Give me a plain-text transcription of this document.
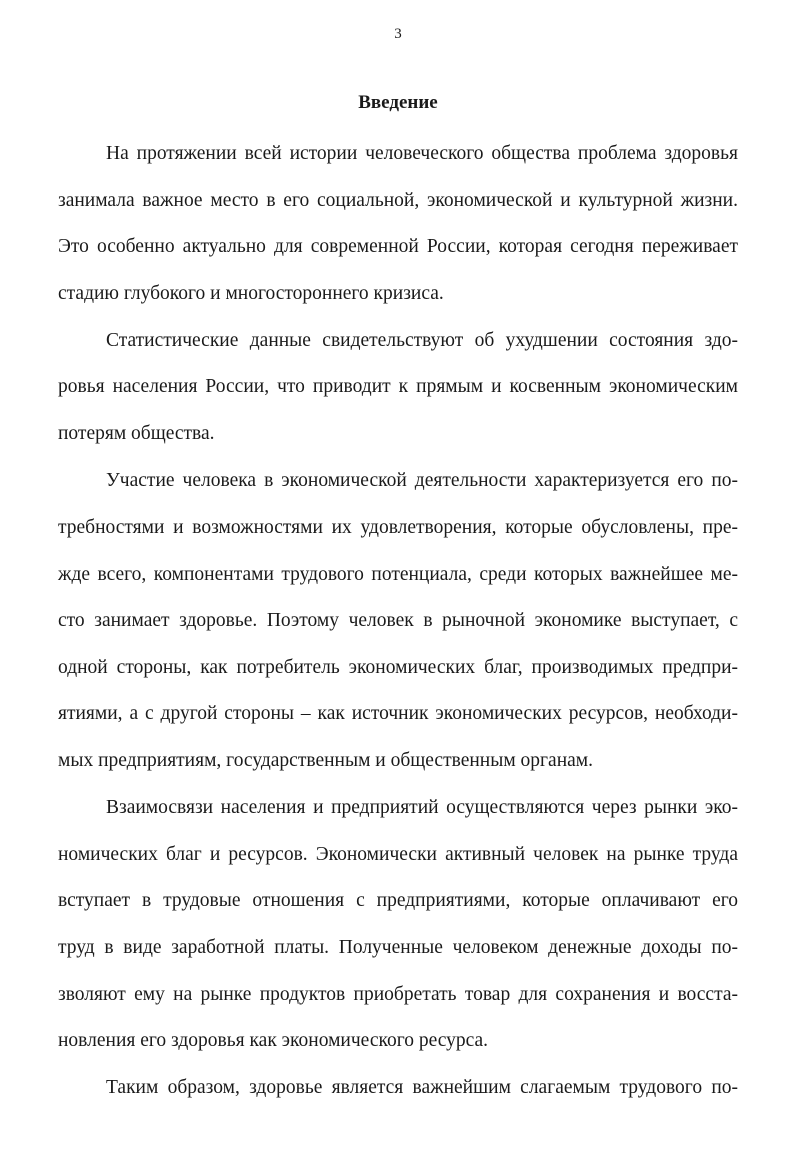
3
Введение
На протяжении всей истории человеческого общества проблема здоровья
занимала важное место в его социальной, экономической и культурной жизни.
Это особенно актуально для современной России, которая сегодня переживает
стадию глубокого и многостороннего кризиса.
Статистические данные свидетельствуют об ухудшении состояния здо-
ровья населения России, что приводит к прямым и косвенным экономическим
потерям общества.
Участие человека в экономической деятельности характеризуется его по-
требностями и возможностями их удовлетворения, которые обусловлены, пре-
жде всего, компонентами трудового потенциала, среди которых важнейшее ме-
сто занимает здоровье. Поэтому человек в рыночной экономике выступает, с
одной стороны, как потребитель экономических благ, производимых предпри-
ятиями, а с другой стороны – как источник экономических ресурсов, необходи-
мых предприятиям, государственным и общественным органам.
Взаимосвязи населения и предприятий осуществляются через рынки эко-
номических благ и ресурсов. Экономически активный человек на рынке труда
вступает в трудовые отношения с предприятиями, которые оплачивают его
труд в виде заработной платы. Полученные человеком денежные доходы по-
зволяют ему на рынке продуктов приобретать товар для сохранения и восста-
новления его здоровья как экономического ресурса.
Таким образом, здоровье является важнейшим слагаемым трудового по-
